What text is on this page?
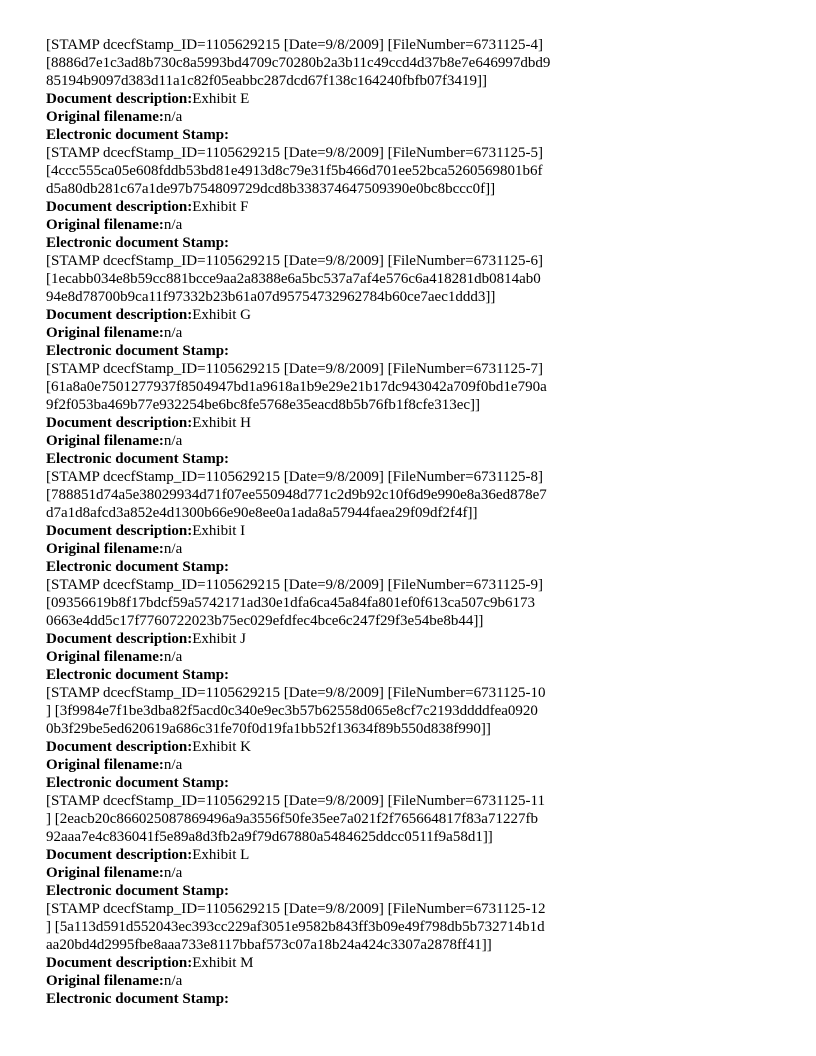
[STAMP dcecfStamp_ID=1105629215 [Date=9/8/2009] [FileNumber=6731125-4]
[8886d7e1c3ad8b730c8a5993bd4709c70280b2a3b11c49ccd4d37b8e7e646997dbd9
85194b9097d383d11a1c82f05eabbc287dcd67f138c164240fbfb07f3419]]
Document description:Exhibit E
Original filename:n/a
Electronic document Stamp:
[STAMP dcecfStamp_ID=1105629215 [Date=9/8/2009] [FileNumber=6731125-5]
[4ccc555ca05e608fddb53bd81e4913d8c79e31f5b466d701ee52bca5260569801b6f
d5a80db281c67a1de97b754809729dcd8b338374647509390e0bc8bccc0f]]
Document description:Exhibit F
Original filename:n/a
Electronic document Stamp:
[STAMP dcecfStamp_ID=1105629215 [Date=9/8/2009] [FileNumber=6731125-6]
[1ecabb034e8b59cc881bcce9aa2a8388e6a5bc537a7af4e576c6a418281db0814ab0
94e8d78700b9ca11f97332b23b61a07d95754732962784b60ce7aec1ddd3]]
Document description:Exhibit G
Original filename:n/a
Electronic document Stamp:
[STAMP dcecfStamp_ID=1105629215 [Date=9/8/2009] [FileNumber=6731125-7]
[61a8a0e7501277937f8504947bd1a9618a1b9e29e21b17dc943042a709f0bd1e790a
9f2f053ba469b77e932254be6bc8fe5768e35eacd8b5b76fb1f8cfe313ec]]
Document description:Exhibit H
Original filename:n/a
Electronic document Stamp:
[STAMP dcecfStamp_ID=1105629215 [Date=9/8/2009] [FileNumber=6731125-8]
[788851d74a5e38029934d71f07ee550948d771c2d9b92c10f6d9e990e8a36ed878e7
d7a1d8afcd3a852e4d1300b66e90e8ee0a1ada8a57944faea29f09df2f4f]]
Document description:Exhibit I
Original filename:n/a
Electronic document Stamp:
[STAMP dcecfStamp_ID=1105629215 [Date=9/8/2009] [FileNumber=6731125-9]
[09356619b8f17bdcf59a5742171ad30e1dfa6ca45a84fa801ef0f613ca507c9b6173
0663e4dd5c17f7760722023b75ec029efdfec4bce6c247f29f3e54be8b44]]
Document description:Exhibit J
Original filename:n/a
Electronic document Stamp:
[STAMP dcecfStamp_ID=1105629215 [Date=9/8/2009] [FileNumber=6731125-10
] [3f9984e7f1be3dba82f5acd0c340e9ec3b57b62558d065e8cf7c2193ddddfea0920
0b3f29be5ed620619a686c31fe70f0d19fa1bb52f13634f89b550d838f990]]
Document description:Exhibit K
Original filename:n/a
Electronic document Stamp:
[STAMP dcecfStamp_ID=1105629215 [Date=9/8/2009] [FileNumber=6731125-11
] [2eacb20c866025087869496a9a3556f50fe35ee7a021f2f765664817f83a71227fb
92aaa7e4c836041f5e89a8d3fb2a9f79d67880a5484625ddcc0511f9a58d1]]
Document description:Exhibit L
Original filename:n/a
Electronic document Stamp:
[STAMP dcecfStamp_ID=1105629215 [Date=9/8/2009] [FileNumber=6731125-12
] [5a113d591d552043ec393cc229af3051e9582b843ff3b09e49f798db5b732714b1d
aa20bd4d2995fbe8aaa733e8117bbaf573c07a18b24a424c3307a2878ff41]]
Document description:Exhibit M
Original filename:n/a
Electronic document Stamp:
